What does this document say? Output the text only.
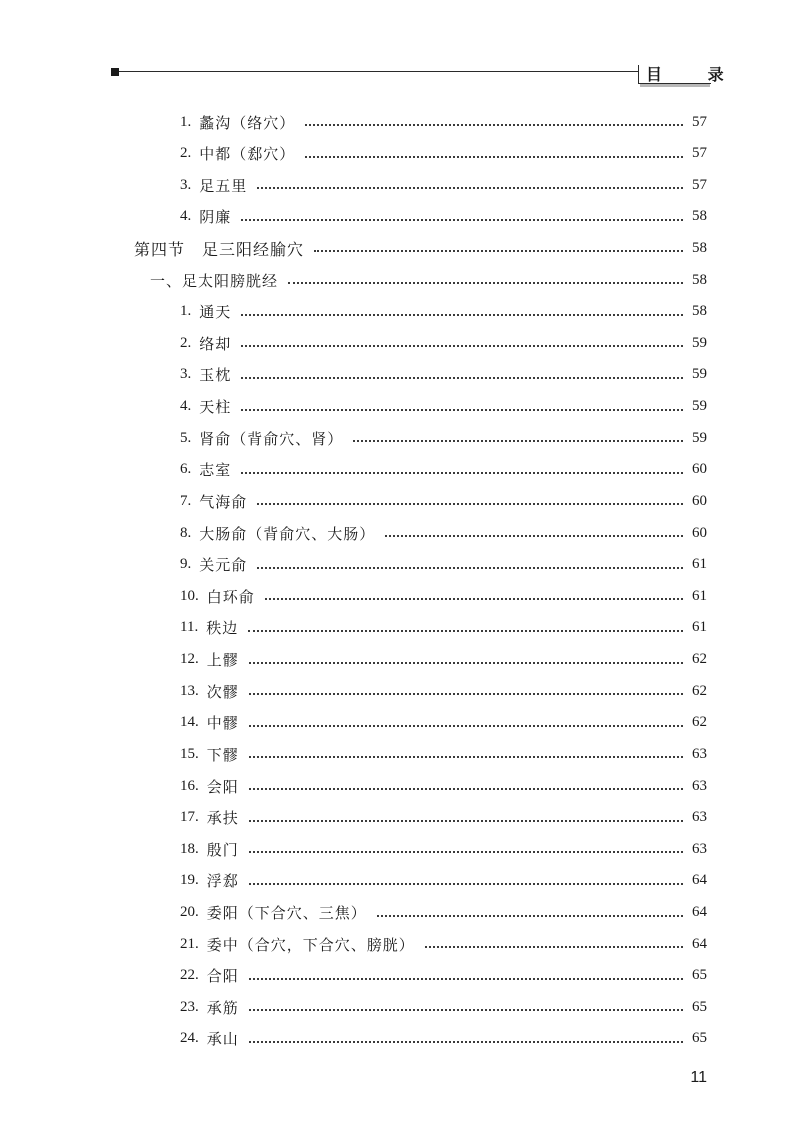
目 录
1. 蠡沟（络穴）	57
2. 中都（郄穴）	57
3. 足五里	57
4. 阴廉	58
第四节　足三阳经腧穴	58
一、足太阳膀胱经	58
1. 通天	58
2. 络却	59
3. 玉枕	59
4. 天柱	59
5. 肾俞（背俞穴、肾）	59
6. 志室	60
7. 气海俞	60
8. 大肠俞（背俞穴、大肠）	60
9. 关元俞	61
10. 白环俞	61
11. 秩边	61
12. 上髎	62
13. 次髎	62
14. 中髎	62
15. 下髎	63
16. 会阳	63
17. 承扶	63
18. 殷门	63
19. 浮郄	64
20. 委阳（下合穴、三焦）	64
21. 委中（合穴，下合穴、膀胱）	64
22. 合阳	65
23. 承筋	65
24. 承山	65
11
